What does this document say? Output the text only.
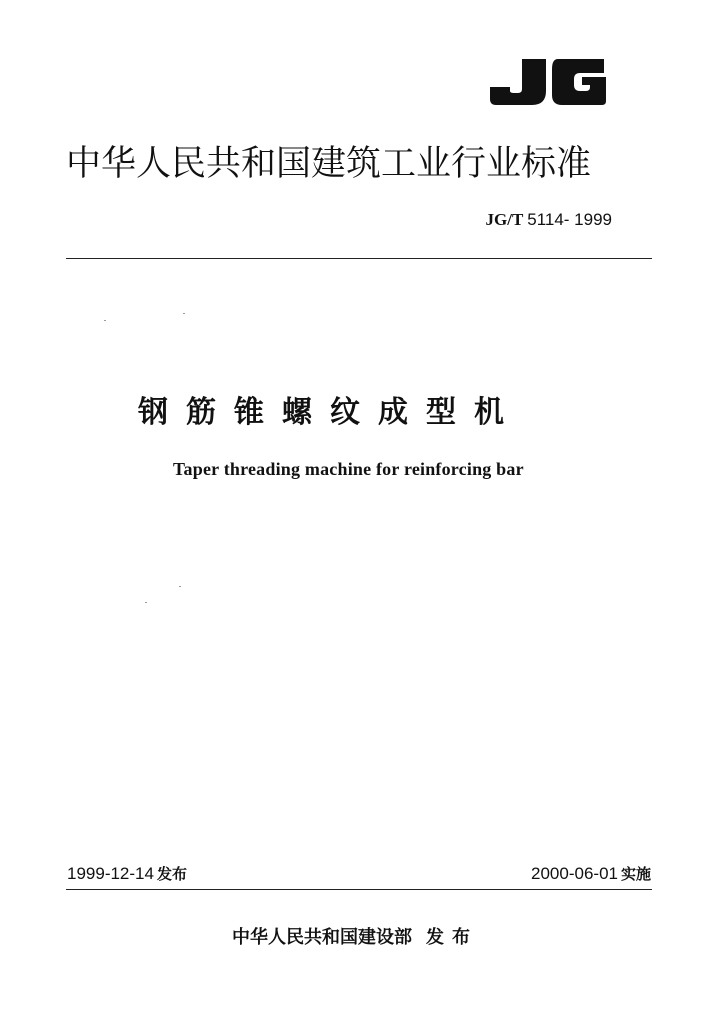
中华人民共和国建筑工业行业标准
JG/T 5114- 1999
钢筋锥螺纹成型机
Taper threading machine for reinforcing bar
1999-12-14 发布	2000-06-01 实施
中华人民共和国建设部 发布
